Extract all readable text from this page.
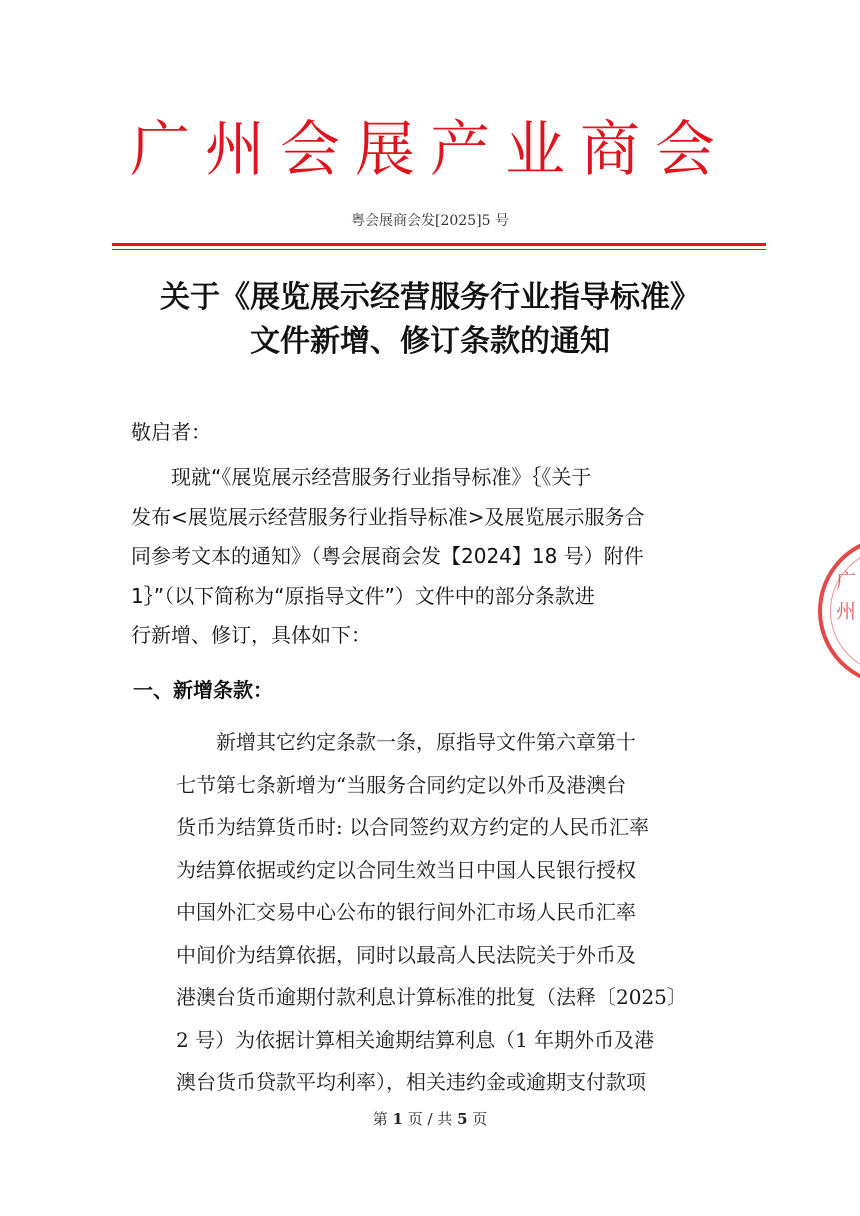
广州会展产业商会
粤会展商会发[2025]5 号
关于《展览展示经营服务行业指导标准》
文件新增、修订条款的通知
敬启者：
　　现就“《展览展示经营服务行业指导标准》｛《关于
发布<展览展示经营服务行业指导标准>及展览展示服务合
同参考文本的通知》（粤会展商会发【2024】18 号）附件
1｝”（以下简称为“原指导文件”）文件中的部分条款进
行新增、修订，具体如下：
一、新增条款：
　　新增其它约定条款一条，原指导文件第六章第十
七节第七条新增为“当服务合同约定以外币及港澳台
货币为结算货币时: 以合同签约双方约定的人民币汇率
为结算依据或约定以合同生效当日中国人民银行授权
中国外汇交易中心公布的银行间外汇市场人民币汇率
中间价为结算依据，同时以最高人民法院关于外币及
港澳台货币逾期付款利息计算标准的批复（法释〔2025〕
2 号）为依据计算相关逾期结算利息（1 年期外币及港
澳台货币贷款平均利率），相关违约金或逾期支付款项
广
州
第 1 页 / 共 5 页
